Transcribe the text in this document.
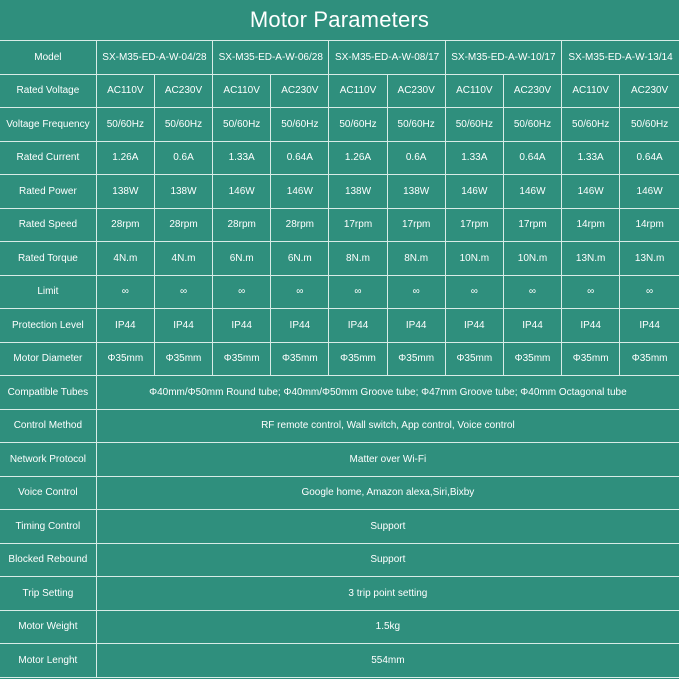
Motor Parameters
Model	SX-M35-ED-A-W-04/28		SX-M35-ED-A-W-06/28		SX-M35-ED-A-W-08/17		SX-M35-ED-A-W-10/17		SX-M35-ED-A-W-13/14	
Rated Voltage	AC110V	AC230V	AC110V	AC230V	AC110V	AC230V	AC110V	AC230V	AC110V	AC230V
Voltage Frequency	50/60Hz	50/60Hz	50/60Hz	50/60Hz	50/60Hz	50/60Hz	50/60Hz	50/60Hz	50/60Hz	50/60Hz
Rated Current	1.26A	0.6A	1.33A	0.64A	1.26A	0.6A	1.33A	0.64A	1.33A	0.64A
Rated Power	138W	138W	146W	146W	138W	138W	146W	146W	146W	146W
Rated Speed	28rpm	28rpm	28rpm	28rpm	17rpm	17rpm	17rpm	17rpm	14rpm	14rpm
Rated Torque	4N.m	4N.m	6N.m	6N.m	8N.m	8N.m	10N.m	10N.m	13N.m	13N.m
Limit	∞	∞	∞	∞	∞	∞	∞	∞	∞	∞
Protection Level	IP44	IP44	IP44	IP44	IP44	IP44	IP44	IP44	IP44	IP44
Motor Diameter	Φ35mm	Φ35mm	Φ35mm	Φ35mm	Φ35mm	Φ35mm	Φ35mm	Φ35mm	Φ35mm	Φ35mm
Compatible Tubes	Φ40mm/Φ50mm Round tube; Φ40mm/Φ50mm Groove tube; Φ47mm Groove tube; Φ40mm Octagonal tube									
Control Method	RF remote control, Wall switch, App control, Voice control									
Network Protocol	Matter over Wi-Fi									
Voice Control	Google home, Amazon alexa,Siri,Bixby									
Timing Control	Support									
Blocked Rebound	Support									
Trip Setting	3 trip point setting									
Motor Weight	1.5kg									
Motor Lenght	554mm									
